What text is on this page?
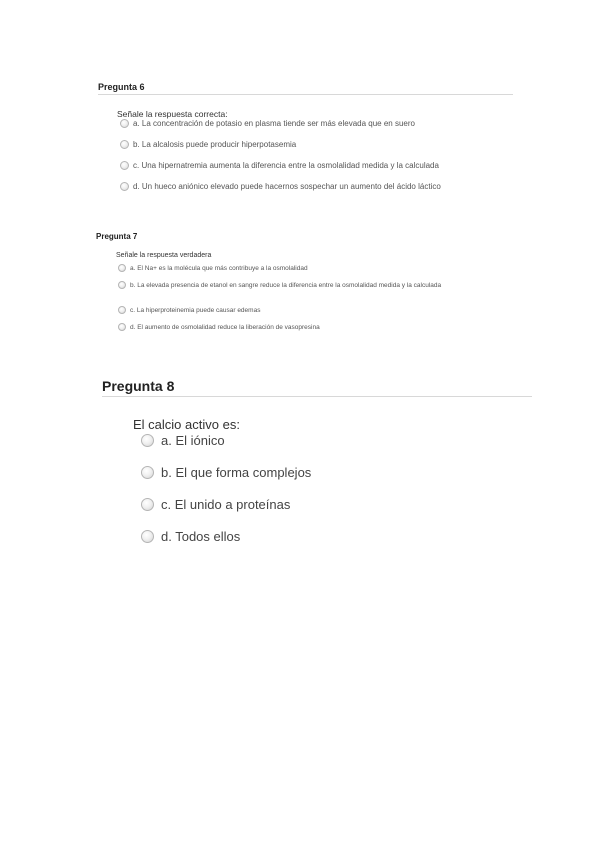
Pregunta 6
Señale la respuesta correcta:
a. La concentración de potasio en plasma tiende ser más elevada que en suero
b. La alcalosis puede producir hiperpotasemia
c. Una hipernatremia aumenta la diferencia entre la osmolalidad medida y la calculada
d. Un hueco aniónico elevado puede hacernos sospechar un aumento del ácido láctico
Pregunta 7
Señale la respuesta verdadera
a. El Na+ es la molécula que más contribuye a la osmolalidad
b. La elevada presencia de etanol en sangre reduce la diferencia entre la osmolalidad medida y la calculada
c. La hiperproteinemia puede causar edemas
d. El aumento de osmolalidad reduce la liberación de vasopresina
Pregunta 8
El calcio activo es:
a. El iónico
b. El que forma complejos
c. El unido a proteínas
d. Todos ellos
